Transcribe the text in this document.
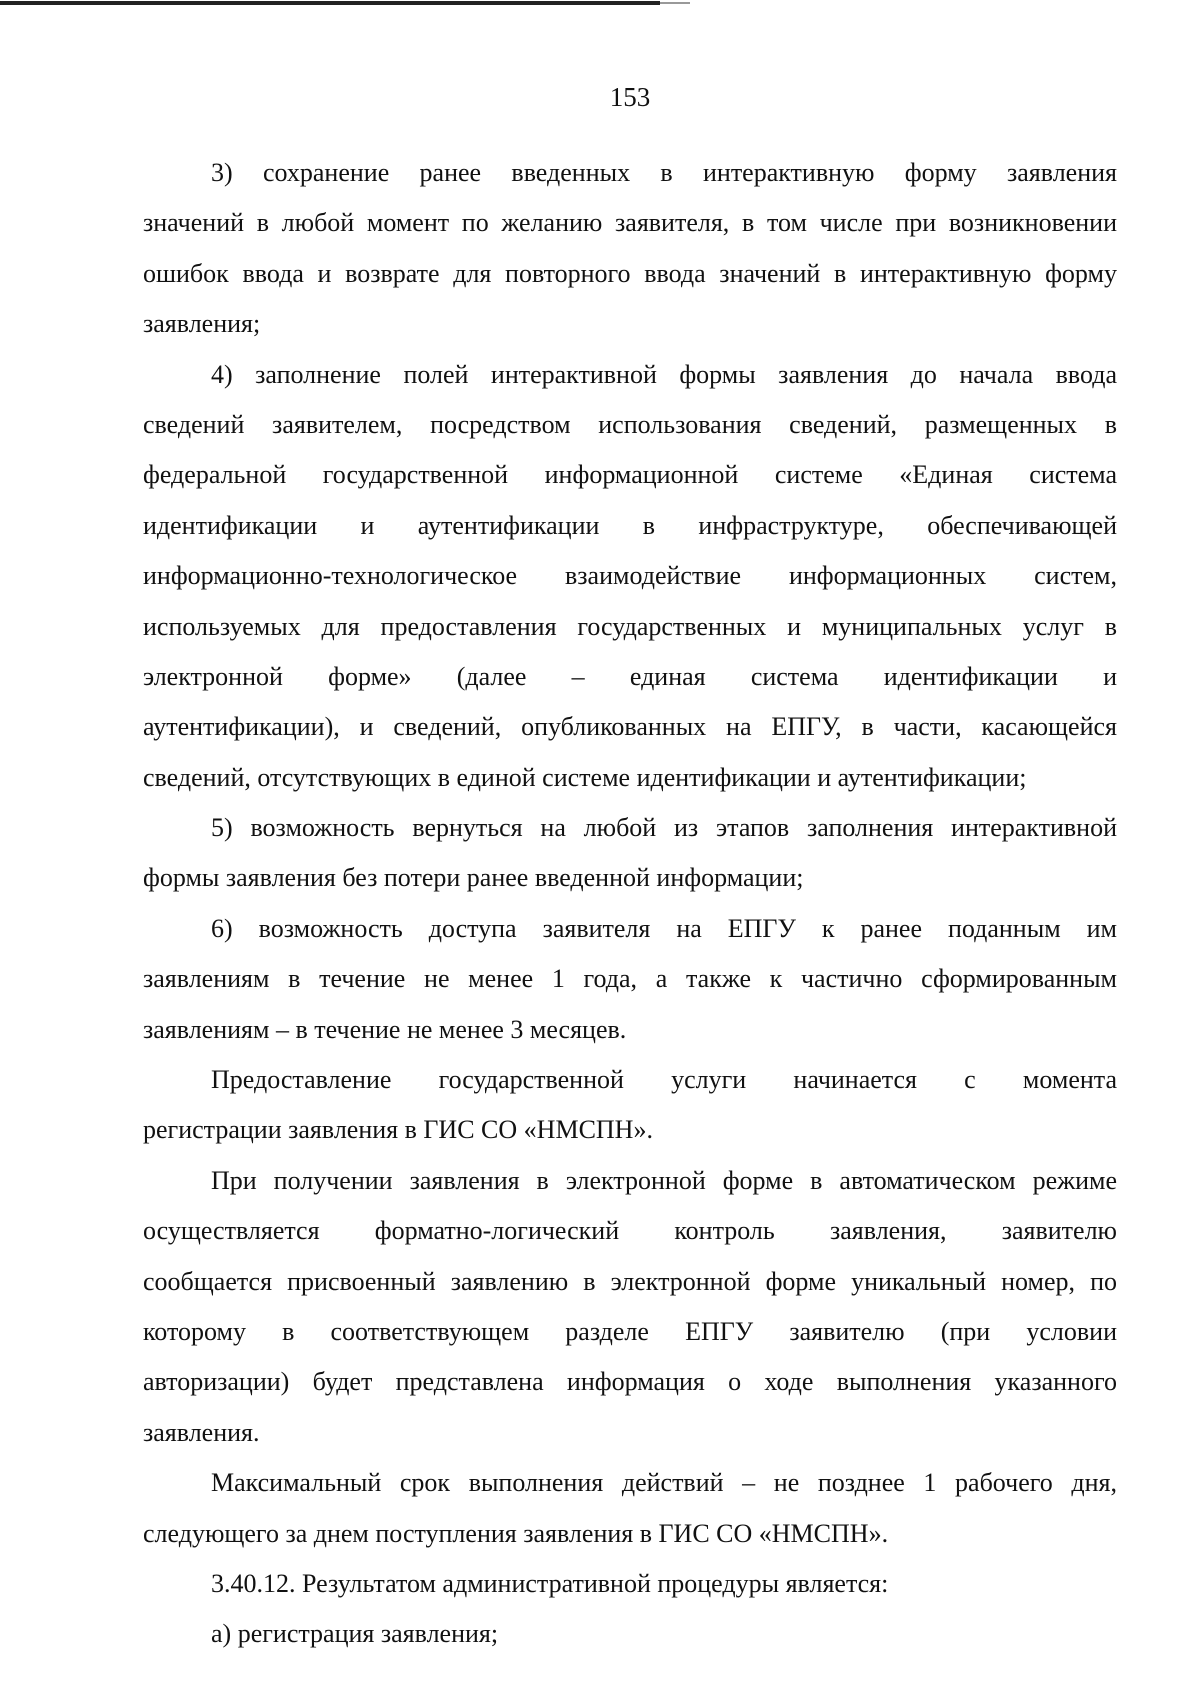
153
3) сохранение ранее введенных в интерактивную форму заявления
значений в любой момент по желанию заявителя, в том числе при возникновении
ошибок ввода и возврате для повторного ввода значений в интерактивную форму
заявления;
4) заполнение полей интерактивной формы заявления до начала ввода
сведений заявителем, посредством использования сведений, размещенных в
федеральной государственной информационной системе «Единая система
идентификации и аутентификации в инфраструктуре, обеспечивающей
информационно-технологическое взаимодействие информационных систем,
используемых для предоставления государственных и муниципальных услуг в
электронной форме» (далее – единая система идентификации и
аутентификации), и сведений, опубликованных на ЕПГУ, в части, касающейся
сведений, отсутствующих в единой системе идентификации и аутентификации;
5) возможность вернуться на любой из этапов заполнения интерактивной
формы заявления без потери ранее введенной информации;
6) возможность доступа заявителя на ЕПГУ к ранее поданным им
заявлениям в течение не менее 1 года, а также к частично сформированным
заявлениям – в течение не менее 3 месяцев.
Предоставление государственной услуги начинается с момента
регистрации заявления в ГИС СО «НМСПН».
При получении заявления в электронной форме в автоматическом режиме
осуществляется форматно-логический контроль заявления, заявителю
сообщается присвоенный заявлению в электронной форме уникальный номер, по
которому в соответствующем разделе ЕПГУ заявителю (при условии
авторизации) будет представлена информация о ходе выполнения указанного
заявления.
Максимальный срок выполнения действий – не позднее 1 рабочего дня,
следующего за днем поступления заявления в ГИС СО «НМСПН».
3.40.12. Результатом административной процедуры является:
а) регистрация заявления;
